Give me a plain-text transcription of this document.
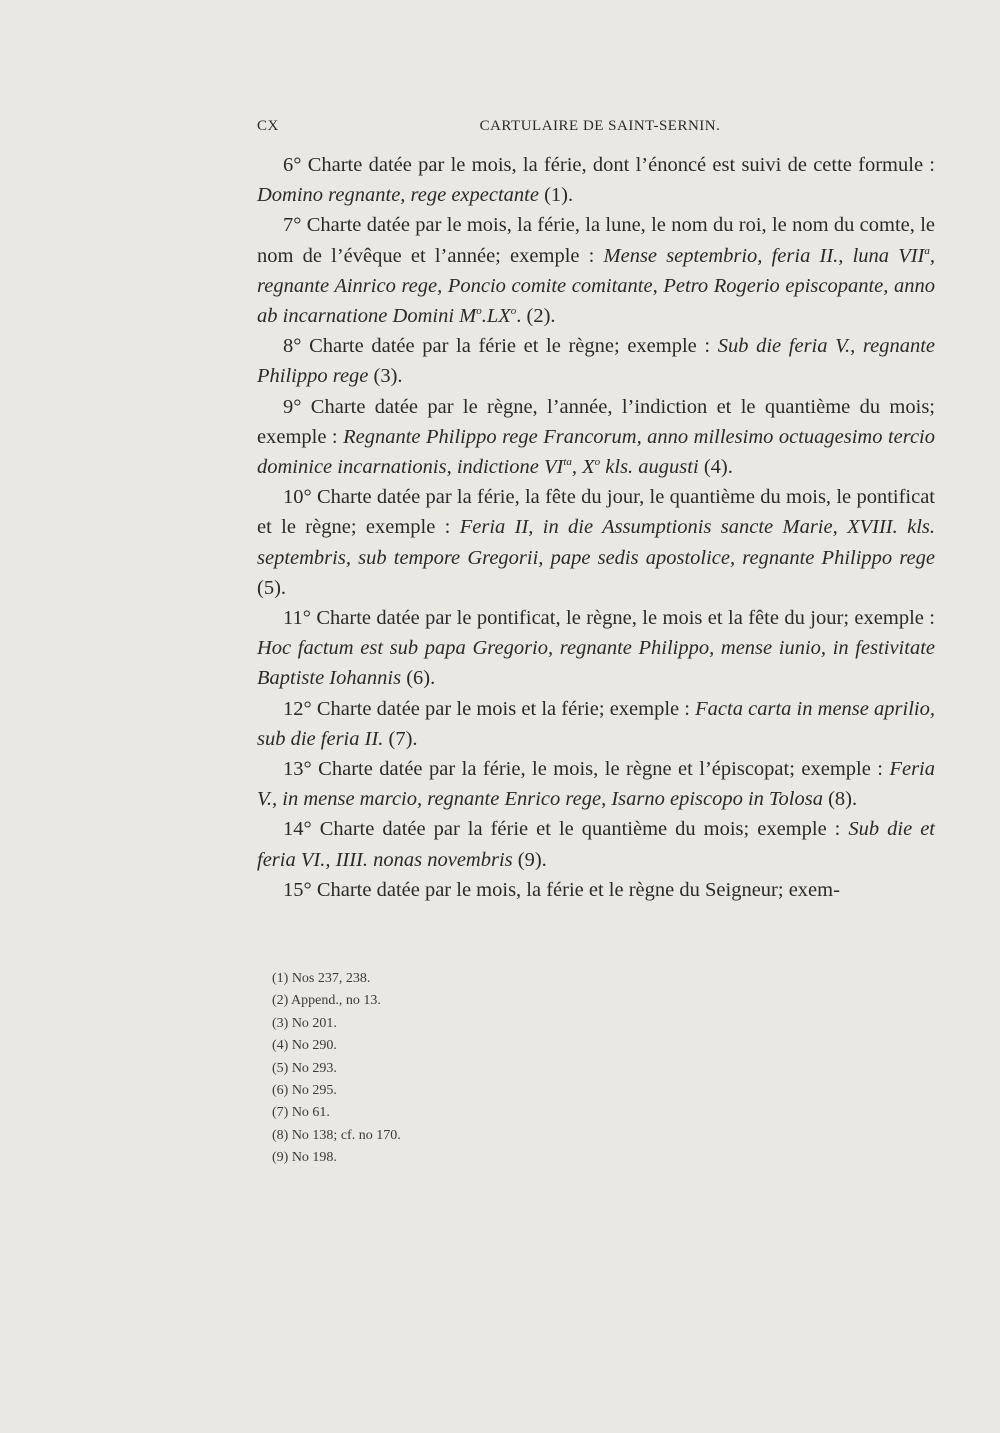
CX	CARTULAIRE DE SAINT-SERNIN.

6° Charte datée par le mois, la férie, dont l’énoncé est suivi de cette formule : Domino regnante, rege expectante (1).

7° Charte datée par le mois, la férie, la lune, le nom du roi, le nom du comte, le nom de l’évêque et l’année; exemple : Mense septembrio, feria II., luna VII$^a$, regnante Ainrico rege, Poncio comite comitante, Petro Rogerio episcopante, anno ab incarnatione Domini $M^o.LX^o$. (2).

8° Charte datée par la férie et le règne; exemple : Sub die feria V., regnante Philippo rege (3).

9° Charte datée par le règne, l’année, l’indiction et le quantième du mois; exemple : Regnante Philippo rege Francorum, anno millesimo octuagesimo tercio dominice incarnationis, indictione $VI^{ta}$, $X^o$ kls. augusti (4).

10° Charte datée par la férie, la fête du jour, le quantième du mois, le pontificat et le règne; exemple : Feria II, in die Assumptionis sancte Marie, XVIII. kls. septembris, sub tempore Gregorii, pape sedis apostolice, regnante Philippo rege (5).

11° Charte datée par le pontificat, le règne, le mois et la fête du jour; exemple : Hoc factum est sub papa Gregorio, regnante Philippo, mense iunio, in festivitate Baptiste Iohannis (6).

12° Charte datée par le mois et la férie; exemple : Facta carta in mense aprilio, sub die feria II. (7).

13° Charte datée par la férie, le mois, le règne et l’épiscopat; exemple : Feria V., in mense marcio, regnante Enrico rege, Isarno episcopo in Tolosa (8).

14° Charte datée par la férie et le quantième du mois; exemple : Sub die et feria VI., IIII. nonas novembris (9).

15° Charte datée par le mois, la férie et le règne du Seigneur; exem-

(1) Nos 237, 238.
(2) Append., no 13.
(3) No 201.
(4) No 290.
(5) No 293.
(6) No 295.
(7) No 61.
(8) No 138; cf. no 170.
(9) No 198.
